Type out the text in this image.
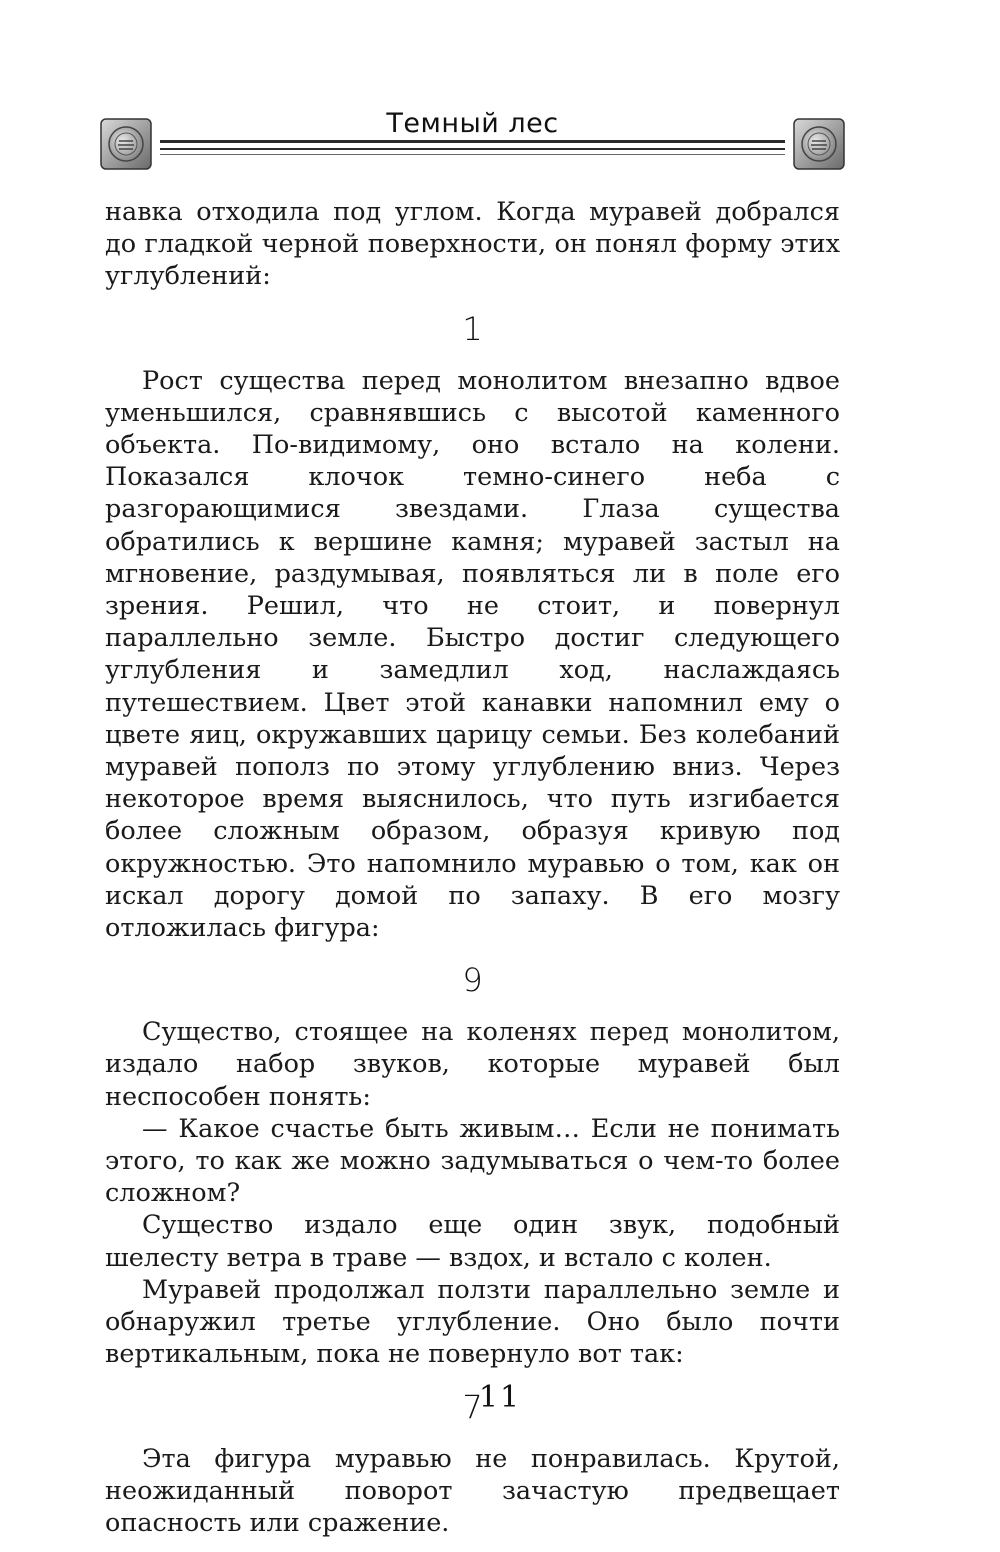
Темный лес

навка отходила под углом. Когда муравей добрался до гладкой черной поверхности, он понял форму этих углублений:

1

Рост существа перед монолитом внезапно вдвое уменьшился, сравнявшись с высотой каменного объекта. По-видимому, оно встало на колени. Показался клочок темно-синего неба с разгорающимися звездами. Глаза существа обратились к вершине камня; муравей застыл на мгновение, раздумывая, появляться ли в поле его зрения. Решил, что не стоит, и повернул параллельно земле. Быстро достиг следующего углубления и замедлил ход, наслаждаясь путешествием. Цвет этой канавки напомнил ему о цвете яиц, окружавших царицу семьи. Без колебаний муравей пополз по этому углублению вниз. Через некоторое время выяснилось, что путь изгибается более сложным образом, образуя кривую под окружностью. Это напомнило муравью о том, как он искал дорогу домой по запаху. В его мозгу отложилась фигура:

9

Существо, стоящее на коленях перед монолитом, издало набор звуков, которые муравей был неспособен понять:

— Какое счастье быть живым… Если не понимать этого, то как же можно задумываться о чем-то более сложном?

Существо издало еще один звук, подобный шелесту ветра в траве — вздох, и встало с колен.

Муравей продолжал ползти параллельно земле и обнаружил третье углубление. Оно было почти вертикальным, пока не повернуло вот так:

7

Эта фигура муравью не понравилась. Крутой, неожиданный поворот зачастую предвещает опасность или сражение.

11
